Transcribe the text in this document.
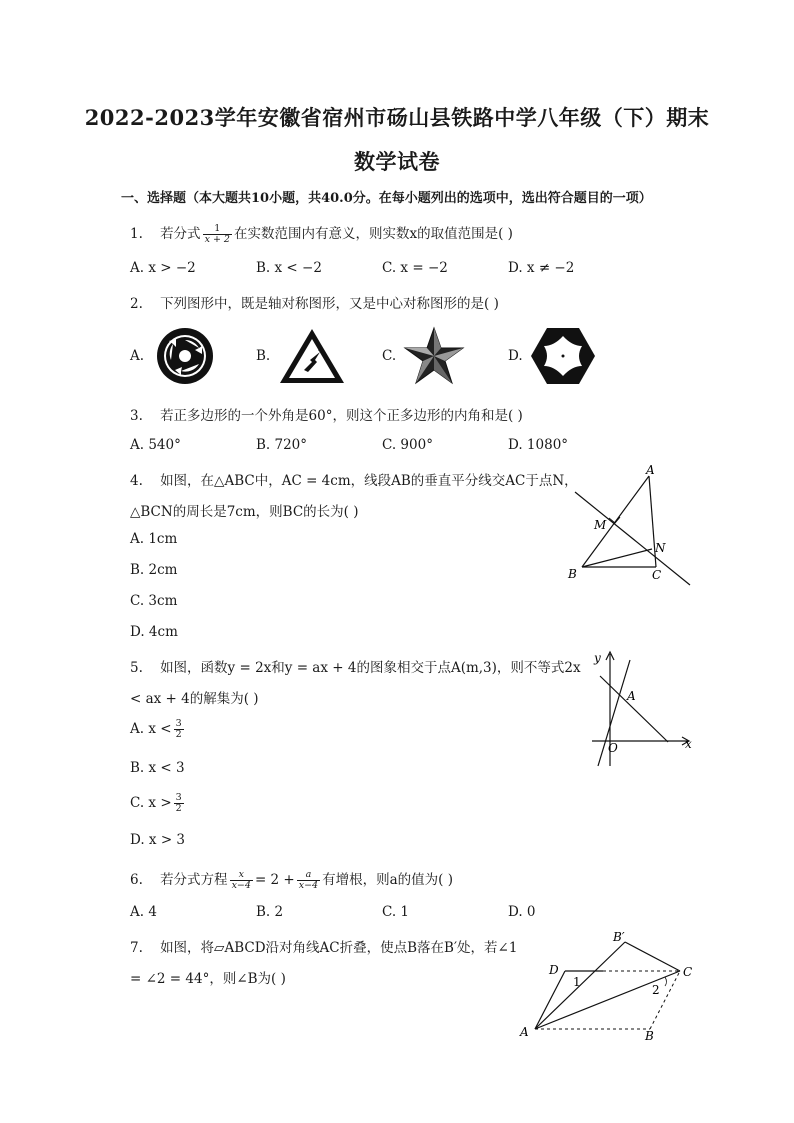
2022-2023学年安徽省宿州市砀山县铁路中学八年级（下）期末
数学试卷
一、选择题（本大题共10小题，共40.0分。在每小题列出的选项中，选出符合题目的一项）
1. 若分式 $\frac{1}{x + 2}$ 在实数范围内有意义，则实数x的取值范围是( )
A. x > −2	B. x < −2	C. x = −2	D. x ≠ −2
2. 下列图形中，既是轴对称图形，又是中心对称图形的是( )
A.	B.	C.	D.
3. 若正多边形的一个外角是60°，则这个正多边形的内角和是( )
A. 540°	B. 720°	C. 900°	D. 1080°
4. 如图，在△ABC中，AC = 4cm，线段AB的垂直平分线交AC于点N，
△BCN的周长是7cm，则BC的长为( )
A. 1cm
B. 2cm
C. 3cm
D. 4cm
A
M
N
B	C
5. 如图，函数y = 2x和y = ax + 4的图象相交于点A(m,3)，则不等式2x
< ax + 4的解集为( )
A. $x < \frac{3}{2}$
B. x < 3
C. $x > \frac{3}{2}$
D. x > 3
y
x
O
A
6. 若分式方程 $\frac{x}{x-4} = 2 + \frac{a}{x-4}$ 有增根，则a的值为( )
A. 4	B. 2	C. 1	D. 0
7. 如图，将▱ABCD沿对角线AC折叠，使点B落在B′处，若∠1
= ∠2 = 44°，则∠B为( )
B′
D	C
1
2
A	B
